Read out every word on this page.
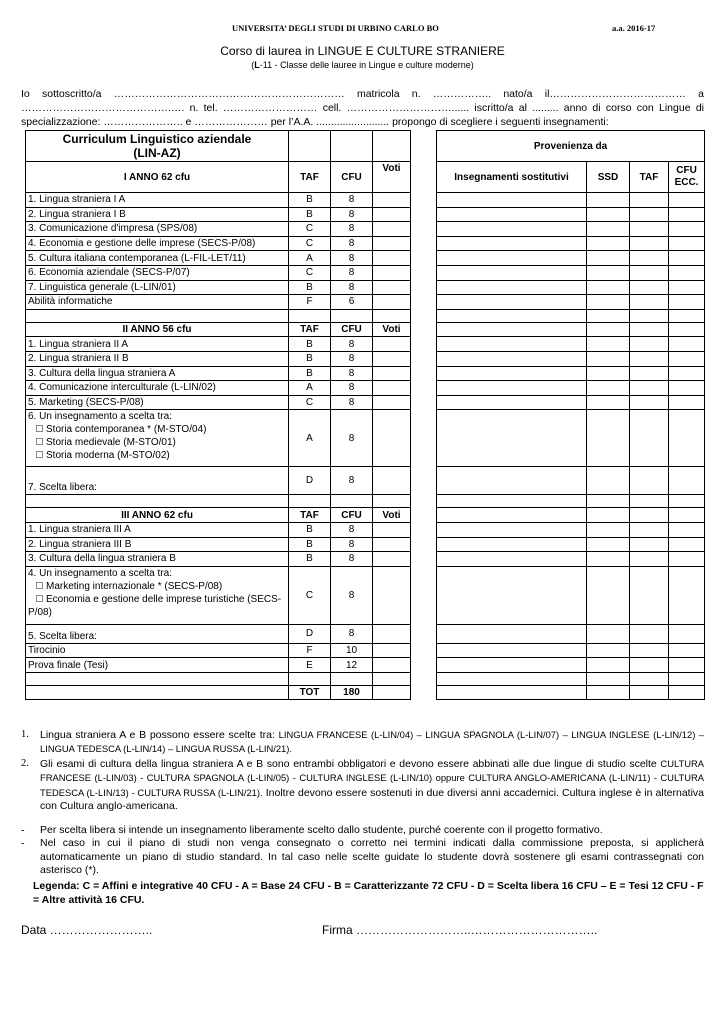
UNIVERSITA’ DEGLI STUDI DI URBINO CARLO BO	a.a. 2016-17
Corso di laurea in LINGUE E CULTURE STRANIERE
(L-11 - Classe delle lauree in Lingue e culture moderne)
Io sottoscritto/a ………………………………………………………… matricola n. …………….. nato/a il………………………………… a
…………………………………….…. n. tel. ……………………… cell. …………………………...... iscritto/a al ......... anno di corso con Lingue di
specializzazione: ………………….. e ………………… per l’A.A. ......................... propongo di scegliere i seguenti insegnamenti:
Curriculum Linguistico aziendale
(LIN-AZ)					Provenienza da			
I ANNO 62 cfu	TAF	CFU	Voti		Insegnamenti sostitutivi	SSD	TAF	CFU
ECC.
1. Lingua straniera I A	B	8						
2. Lingua straniera I B	B	8						
3. Comunicazione d'impresa (SPS/08)	C	8						
4. Economia e gestione delle imprese (SECS-P/08)	C	8						
5. Cultura italiana contemporanea (L-FIL-LET/11)	A	8						
6. Economia aziendale (SECS-P/07)	C	8						
7. Linguistica generale (L-LIN/01)	B	8						
Abilità informatiche	F	6						

II ANNO 56 cfu	TAF	CFU	Voti					
1. Lingua straniera II A	B	8						
2. Lingua straniera II B	B	8						
3. Cultura della lingua straniera A	B	8						
4. Comunicazione interculturale (L-LIN/02)	A	8						
5. Marketing (SECS-P/08)	C	8						
6. Un insegnamento a scelta tra:
Storia contemporanea * (M-STO/04)
Storia medievale (M-STO/01)
Storia moderna (M-STO/02)	A	8						
7. Scelta libera:	D	8						

III ANNO 62 cfu	TAF	CFU	Voti					
1. Lingua straniera III A	B	8						
2. Lingua straniera III B	B	8						
3. Cultura della lingua straniera B	B	8						
4. Un insegnamento a scelta tra:
Marketing internazionale * (SECS-P/08)
Economia e gestione delle imprese turistiche (SECS-
P/08)	C	8						
5. Scelta libera:	D	8						
Tirocinio	F	10						
Prova finale (Tesi)	E	12						

	TOT	180						
1. Lingua straniera A e B possono essere scelte tra: LINGUA FRANCESE (L-LIN/04) – LINGUA SPAGNOLA (L-LIN/07) – LINGUA INGLESE (L-LIN/12) – LINGUA TEDESCA (L-LIN/14) – LINGUA RUSSA (L-LIN/21).
2. Gli esami di cultura della lingua straniera A e B sono entrambi obbligatori e devono essere abbinati alle due lingue di studio scelte CULTURA FRANCESE (L-LIN/03) - CULTURA SPAGNOLA (L-LIN/05) - CULTURA INGLESE (L-LIN/10) oppure CULTURA ANGLO-AMERICANA (L-LIN/11) - CULTURA TEDESCA (L-LIN/13) - CULTURA RUSSA (L-LIN/21). Inoltre devono essere sostenuti in due diversi anni accademici. Cultura inglese è in alternativa con Cultura anglo-americana.
- Per scelta libera si intende un insegnamento liberamente scelto dallo studente, purché coerente con il progetto formativo.
- Nel caso in cui il piano di studi non venga consegnato o corretto nei termini indicati dalla commissione preposta, si applicherà automaticamente un piano di studio standard. In tal caso nelle scelte guidate lo studente dovrà sostenere gli esami contrassegnati con asterisco (*).
Legenda: C = Affini e integrative 40 CFU - A = Base 24 CFU - B = Caratterizzante 72 CFU - D = Scelta libera 16 CFU – E = Tesi 12 CFU - F = Altre attività 16 CFU.
Data ……………………..	Firma ………………………..…………………………..
